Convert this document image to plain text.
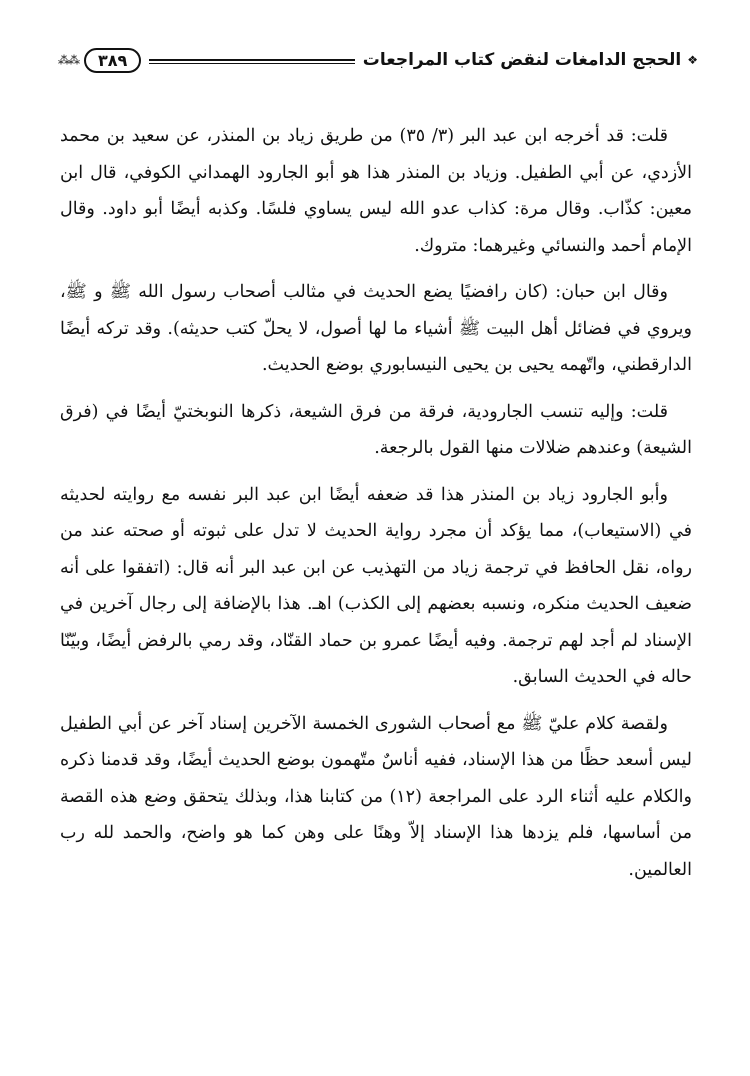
❖
الحجج الدامغات لنقض كتاب المراجعات
٣٨٩
⁂⁂

قلت: قد أخرجه ابن عبد البر (٣/ ٣٥) من طريق زياد بن المنذر، عن سعيد بن محمد الأزدي، عن أبي الطفيل. وزياد بن المنذر هذا هو أبو الجارود الهمداني الكوفي، قال ابن معين: كذّاب. وقال مرة: كذاب عدو الله ليس يساوي فلسًا. وكذبه أيضًا أبو داود. وقال الإمام أحمد والنسائي وغيرهما: متروك.

وقال ابن حبان: (كان رافضيًا يضع الحديث في مثالب أصحاب رسول الله ﷺ و ﷺ، ويروي في فضائل أهل البيت ﷺ أشياء ما لها أصول، لا يحلّ كتب حديثه). وقد تركه أيضًا الدارقطني، واتّهمه يحيى بن يحيى النيسابوري بوضع الحديث.

قلت: وإليه تنسب الجارودية، فرقة من فرق الشيعة، ذكرها النوبختيّ أيضًا في (فرق الشيعة) وعندهم ضلالات منها القول بالرجعة.

وأبو الجارود زياد بن المنذر هذا قد ضعفه أيضًا ابن عبد البر نفسه مع روايته لحديثه في (الاستيعاب)، مما يؤكد أن مجرد رواية الحديث لا تدل على ثبوته أو صحته عند من رواه، نقل الحافظ في ترجمة زياد من التهذيب عن ابن عبد البر أنه قال: (اتفقوا على أنه ضعيف الحديث منكره، ونسبه بعضهم إلى الكذب) اهـ. هذا بالإضافة إلى رجال آخرين في الإسناد لم أجد لهم ترجمة. وفيه أيضًا عمرو بن حماد القنّاد، وقد رمي بالرفض أيضًا، وبيّنّا حاله في الحديث السابق.

ولقصة كلام عليّ ﷺ مع أصحاب الشورى الخمسة الآخرين إسناد آخر عن أبي الطفيل ليس أسعد حظًا من هذا الإسناد، ففيه أناسٌ متّهمون بوضع الحديث أيضًا، وقد قدمنا ذكره والكلام عليه أثناء الرد على المراجعة (١٢) من كتابنا هذا، وبذلك يتحقق وضع هذه القصة من أساسها، فلم يزدها هذا الإسناد إلاّ وهنًا على وهن كما هو واضح، والحمد لله رب العالمين.
